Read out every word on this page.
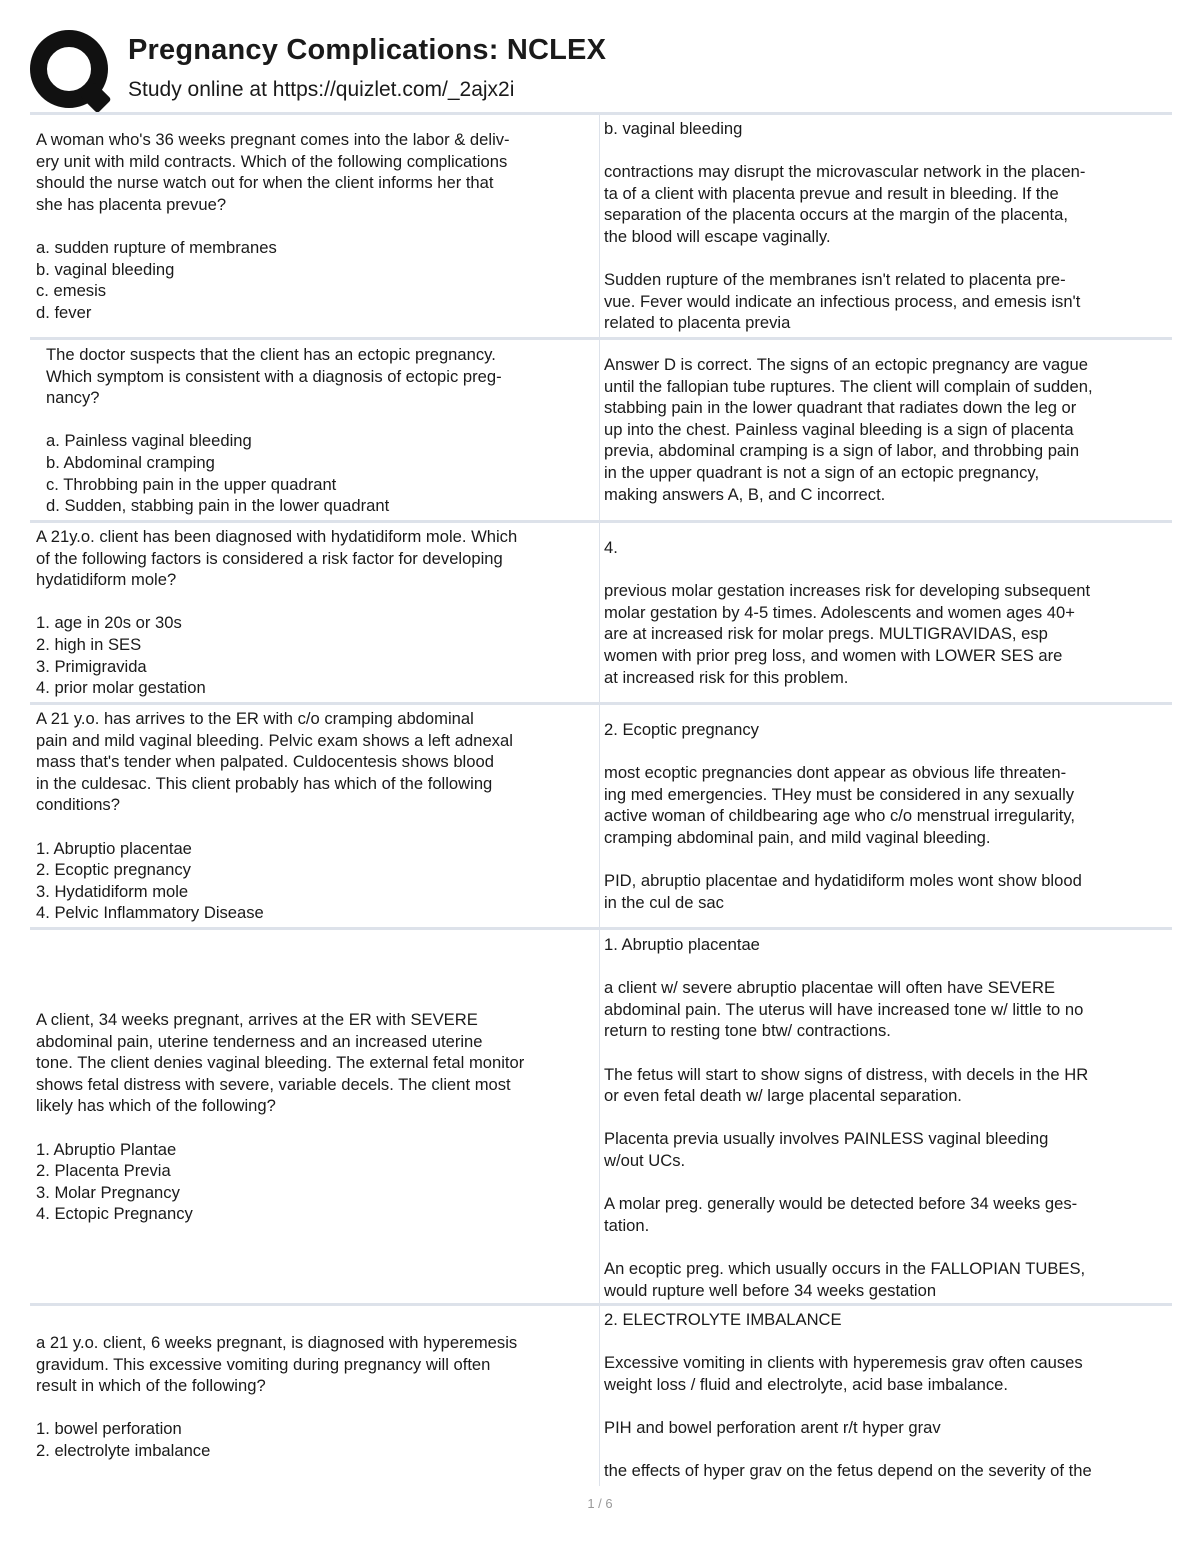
Pregnancy Complications: NCLEX
Study online at https://quizlet.com/_2ajx2i
A woman who's 36 weeks pregnant comes into the labor & deliv-
ery unit with mild contracts. Which of the following complications
should the nurse watch out for when the client informs her that
she has placenta prevue?

a. sudden rupture of membranes
b. vaginal bleeding
c. emesis
d. fever
b. vaginal bleeding

contractions may disrupt the microvascular network in the placen-
ta of a client with placenta prevue and result in bleeding. If the
separation of the placenta occurs at the margin of the placenta,
the blood will escape vaginally.

Sudden rupture of the membranes isn't related to placenta pre-
vue. Fever would indicate an infectious process, and emesis isn't
related to placenta previa
The doctor suspects that the client has an ectopic pregnancy.
Which symptom is consistent with a diagnosis of ectopic preg-
nancy?

a. Painless vaginal bleeding
b. Abdominal cramping
c. Throbbing pain in the upper quadrant
d. Sudden, stabbing pain in the lower quadrant
Answer D is correct. The signs of an ectopic pregnancy are vague
until the fallopian tube ruptures. The client will complain of sudden,
stabbing pain in the lower quadrant that radiates down the leg or
up into the chest. Painless vaginal bleeding is a sign of placenta
previa, abdominal cramping is a sign of labor, and throbbing pain
in the upper quadrant is not a sign of an ectopic pregnancy,
making answers A, B, and C incorrect.
A 21y.o. client has been diagnosed with hydatidiform mole. Which
of the following factors is considered a risk factor for developing
hydatidiform mole?

1. age in 20s or 30s
2. high in SES
3. Primigravida
4. prior molar gestation
4.

previous molar gestation increases risk for developing subsequent
molar gestation by 4-5 times. Adolescents and women ages 40+
are at increased risk for molar pregs. MULTIGRAVIDAS, esp
women with prior preg loss, and women with LOWER SES are
at increased risk for this problem.
A 21 y.o. has arrives to the ER with c/o cramping abdominal
pain and mild vaginal bleeding. Pelvic exam shows a left adnexal
mass that's tender when palpated. Culdocentesis shows blood
in the culdesac. This client probably has which of the following
conditions?

1. Abruptio placentae
2. Ecoptic pregnancy
3. Hydatidiform mole
4. Pelvic Inflammatory Disease
2. Ecoptic pregnancy

most ecoptic pregnancies dont appear as obvious life threaten-
ing med emergencies. THey must be considered in any sexually
active woman of childbearing age who c/o menstrual irregularity,
cramping abdominal pain, and mild vaginal bleeding.

PID, abruptio placentae and hydatidiform moles wont show blood
in the cul de sac
A client, 34 weeks pregnant, arrives at the ER with SEVERE
abdominal pain, uterine tenderness and an increased uterine
tone. The client denies vaginal bleeding. The external fetal monitor
shows fetal distress with severe, variable decels. The client most
likely has which of the following?

1. Abruptio Plantae
2. Placenta Previa
3. Molar Pregnancy
4. Ectopic Pregnancy
1. Abruptio placentae

a client w/ severe abruptio placentae will often have SEVERE
abdominal pain. The uterus will have increased tone w/ little to no
return to resting tone btw/ contractions.

The fetus will start to show signs of distress, with decels in the HR
or even fetal death w/ large placental separation.

Placenta previa usually involves PAINLESS vaginal bleeding
w/out UCs.

A molar preg. generally would be detected before 34 weeks ges-
tation.

An ecoptic preg. which usually occurs in the FALLOPIAN TUBES,
would rupture well before 34 weeks gestation
a 21 y.o. client, 6 weeks pregnant, is diagnosed with hyperemesis
gravidum. This excessive vomiting during pregnancy will often
result in which of the following?

1. bowel perforation
2. electrolyte imbalance
2. ELECTROLYTE IMBALANCE

Excessive vomiting in clients with hyperemesis grav often causes
weight loss / fluid and electrolyte, acid base imbalance.

PIH and bowel perforation arent r/t hyper grav

the effects of hyper grav on the fetus depend on the severity of the
1 / 6
